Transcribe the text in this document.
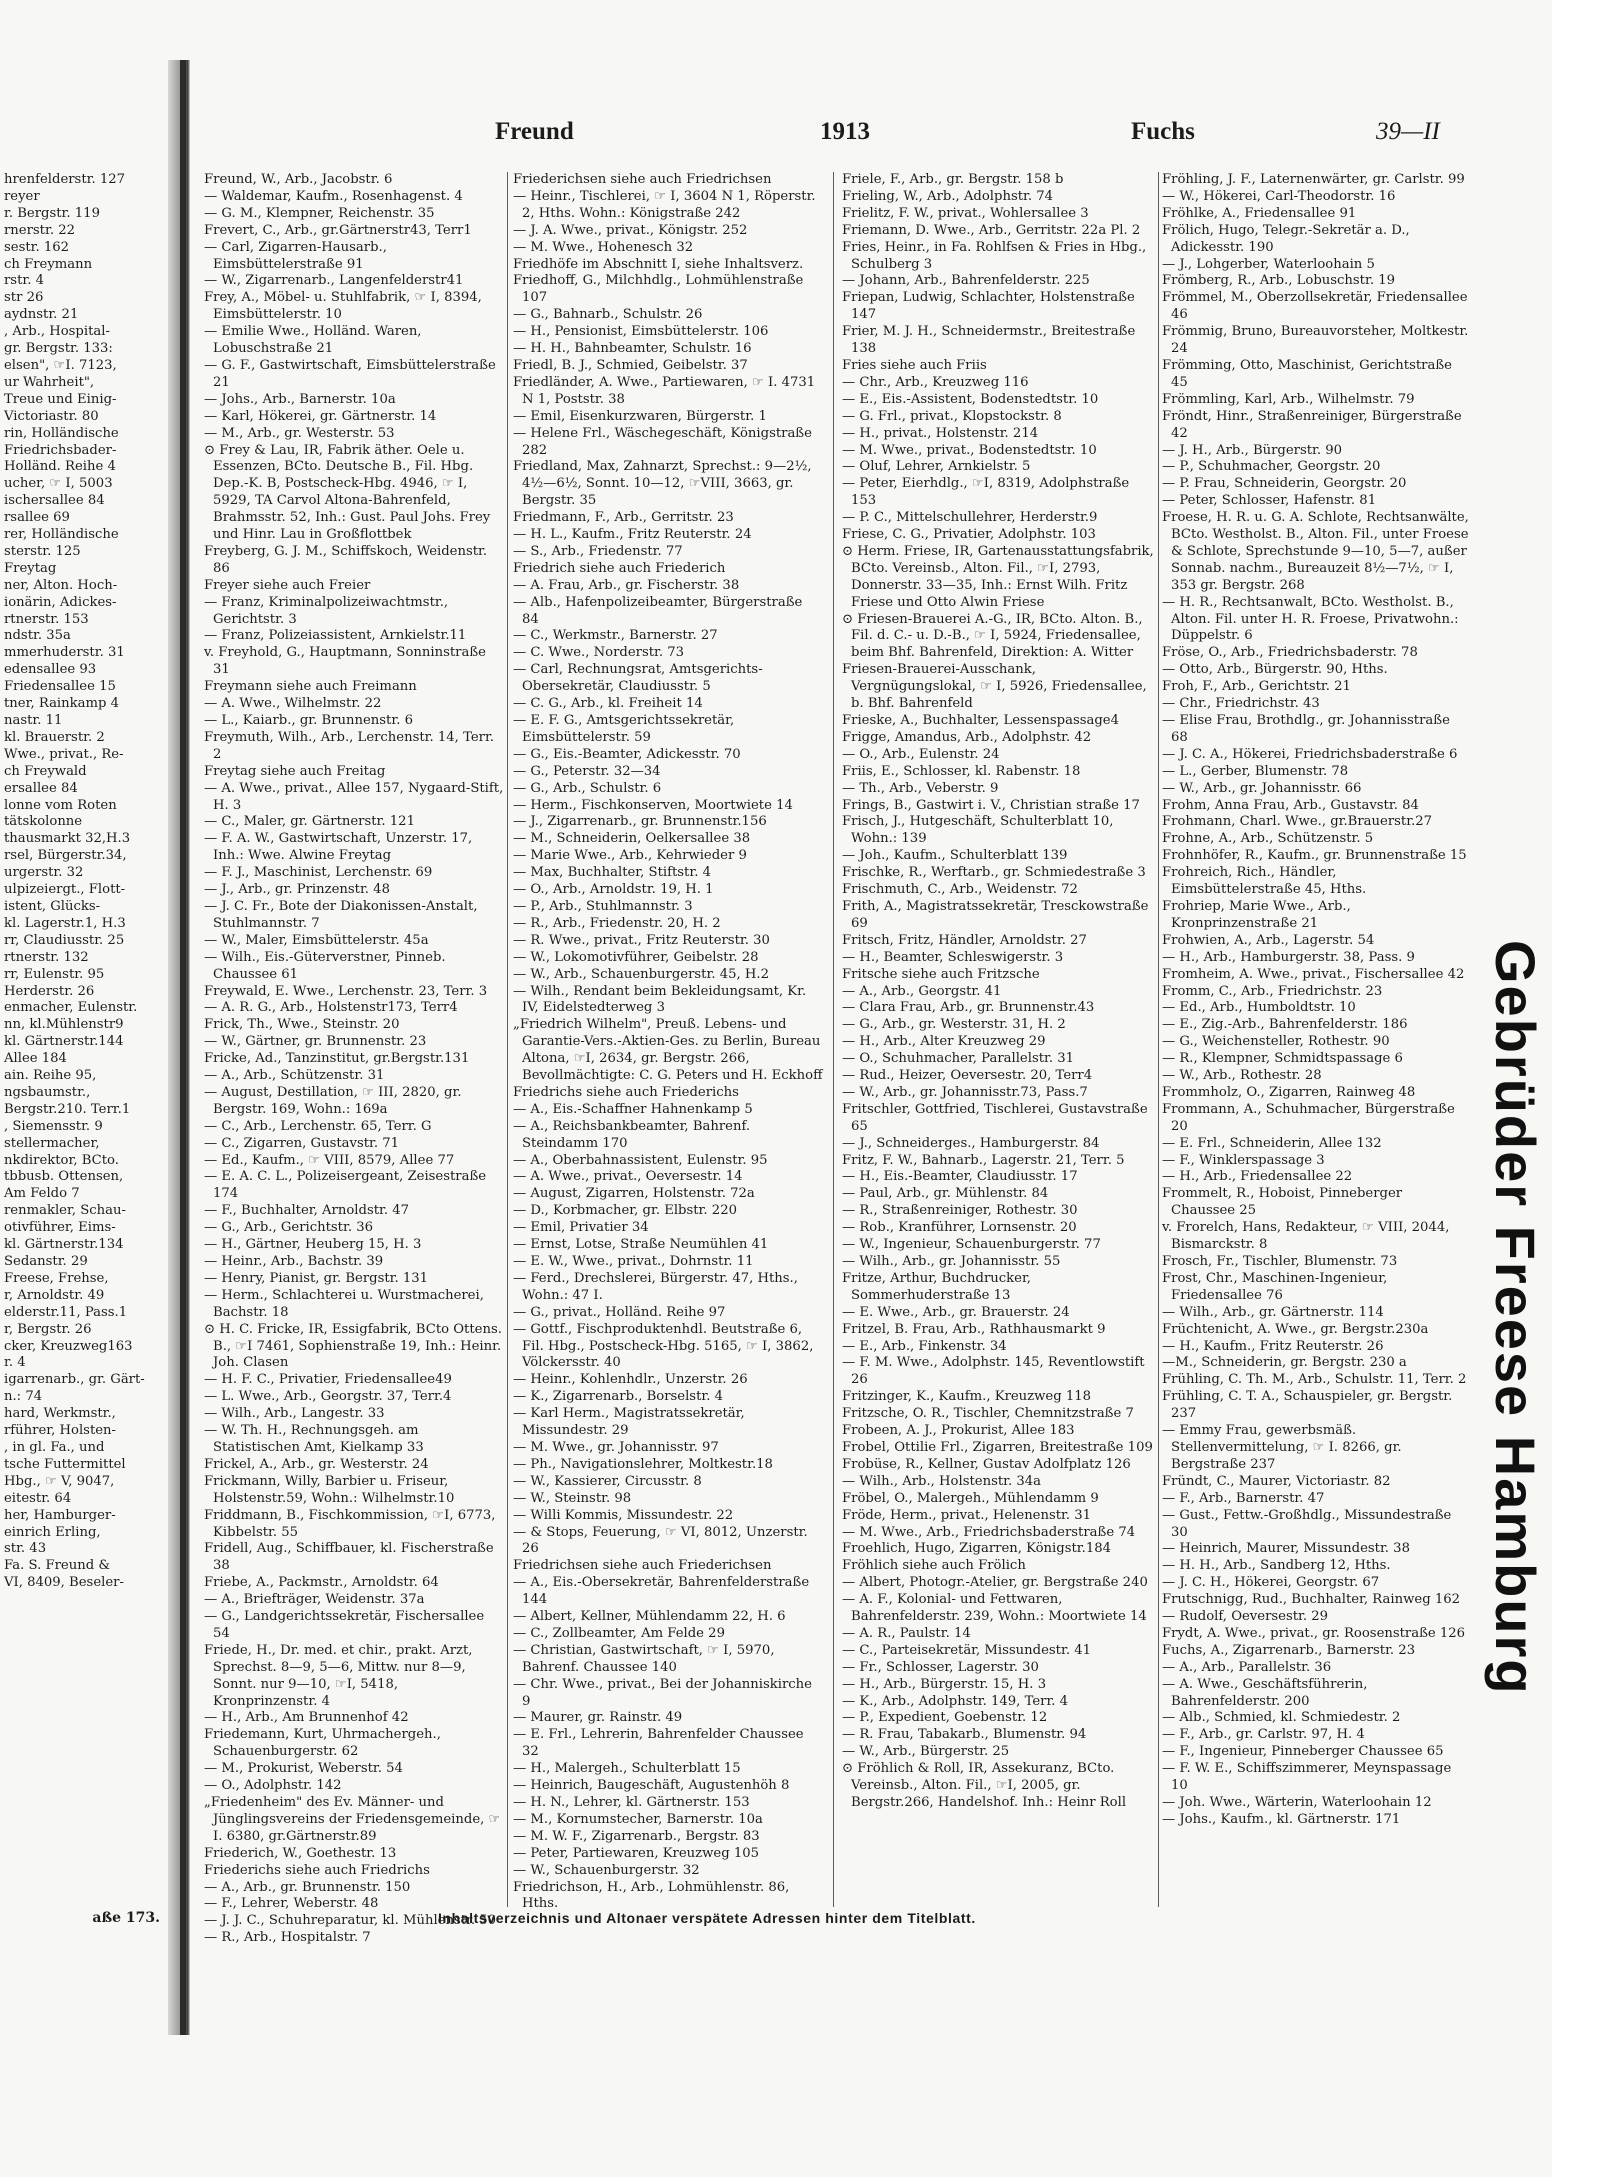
Freund	1913	Fuchs	39—II

hrenfelderstr. 127

reyer

r. Bergstr. 119

rnerstr. 22

sestr. 162

ch Freymann

rstr. 4

str 26

aydnstr. 21

, Arb., Hospital-

gr. Bergstr. 133:

elsen", ☞I. 7123,

ur Wahrheit",

Treue und Einig-

Victoriastr. 80

rin, Holländische

Friedrichsbader-

Holländ. Reihe 4

ucher, ☞ I, 5003

ischersallee 84

rsallee 69

rer, Holländische

sterstr. 125

Freytag

ner, Alton. Hoch-

ionärin, Adickes-

rtnerstr. 153

ndstr. 35a

mmerhuderstr. 31

edensallee 93

Friedensallee 15

tner, Rainkamp 4

nastr. 11

kl. Brauerstr. 2

Wwe., privat., Re-

ch Freywald

ersallee 84

lonne vom Roten

tätskolonne

thausmarkt 32,H.3

rsel, Bürgerstr.34,

urgerstr. 32

ulpizeiergt., Flott-

istent, Glücks-

kl. Lagerstr.1, H.3

rr, Claudiusstr. 25

rtnerstr. 132

rr, Eulenstr. 95

Herderstr. 26

enmacher, Eulenstr.

nn, kl.Mühlenstr9

kl. Gärtnerstr.144

Allee 184

ain. Reihe 95,

ngsbaumstr.,

Bergstr.210. Terr.1

, Siemensstr. 9

stellermacher,

nkdirektor, BCto.

tbbusb. Ottensen,

Am Feldo 7

renmakler, Schau-

otivführer, Eims-

kl. Gärtnerstr.134

Sedanstr. 29

Freese, Frehse,

r, Arnoldstr. 49

elderstr.11, Pass.1

r, Bergstr. 26

cker, Kreuzweg163

r. 4

igarrenarb., gr. Gärt-

n.: 74

hard, Werkmstr.,

rführer, Holsten-

, in gl. Fa., und

tsche Futtermittel

Hbg., ☞ V, 9047,

eitestr. 64

her, Hamburger-

einrich Erling,

str. 43

Fa. S. Freund &

VI, 8409, Beseler-

Freund, W., Arb., Jacobstr. 6

— Waldemar, Kaufm., Rosenhagenst. 4

— G. M., Klempner, Reichenstr. 35

Frevert, C., Arb., gr.Gärtnerstr43, Terr1

— Carl, Zigarren-Hausarb., Eimsbüttelerstraße 91

— W., Zigarrenarb., Langenfelderstr41

Frey, A., Möbel- u. Stuhlfabrik, ☞ I, 8394, Eimsbüttelerstr. 10

— Emilie Wwe., Holländ. Waren, Lobuschstraße 21

— G. F., Gastwirtschaft, Eimsbüttelerstraße 21

— Johs., Arb., Barnerstr. 10a

— Karl, Hökerei, gr. Gärtnerstr. 14

— M., Arb., gr. Westerstr. 53

⊙ Frey & Lau, IR, Fabrik äther. Oele u. Essenzen, BCto. Deutsche B., Fil. Hbg. Dep.-K. B, Postscheck-Hbg. 4946, ☞ I, 5929, TA Carvol Altona-Bahrenfeld, Brahmsstr. 52, Inh.: Gust. Paul Johs. Frey und Hinr. Lau in Großflottbek

Freyberg, G. J. M., Schiffskoch, Weidenstr. 86

Freyer siehe auch Freier

— Franz, Kriminalpolizeiwachtmstr., Gerichtstr. 3

— Franz, Polizeiassistent, Arnkielstr.11

v. Freyhold, G., Hauptmann, Sonninstraße 31

Freymann siehe auch Freimann

— A. Wwe., Wilhelmstr. 22

— L., Kaiarb., gr. Brunnenstr. 6

Freymuth, Wilh., Arb., Lerchenstr. 14, Terr. 2

Freytag siehe auch Freitag

— A. Wwe., privat., Allee 157, Nygaard-Stift, H. 3

— C., Maler, gr. Gärtnerstr. 121

— F. A. W., Gastwirtschaft, Unzerstr. 17, Inh.: Wwe. Alwine Freytag

— F. J., Maschinist, Lerchenstr. 69

— J., Arb., gr. Prinzenstr. 48

— J. C. Fr., Bote der Diakonissen-Anstalt, Stuhlmannstr. 7

— W., Maler, Eimsbüttelerstr. 45a

— Wilh., Eis.-Güterverstner, Pinneb. Chaussee 61

Freywald, E. Wwe., Lerchenstr. 23, Terr. 3

— A. R. G., Arb., Holstenstr173, Terr4

Frick, Th., Wwe., Steinstr. 20

— W., Gärtner, gr. Brunnenstr. 23

Fricke, Ad., Tanzinstitut, gr.Bergstr.131

— A., Arb., Schützenstr. 31

— August, Destillation, ☞ III, 2820, gr. Bergstr. 169, Wohn.: 169a

— C., Arb., Lerchenstr. 65, Terr. G

— C., Zigarren, Gustavstr. 71

— Ed., Kaufm., ☞ VIII, 8579, Allee 77

— E. A. C. L., Polizeisergeant, Zeisestraße 174

— F., Buchhalter, Arnoldstr. 47

— G., Arb., Gerichtstr. 36

— H., Gärtner, Heuberg 15, H. 3

— Heinr., Arb., Bachstr. 39

— Henry, Pianist, gr. Bergstr. 131

— Herm., Schlachterei u. Wurstmacherei, Bachstr. 18

⊙ H. C. Fricke, IR, Essigfabrik, BCto Ottens. B., ☞I 7461, Sophienstraße 19, Inh.: Heinr. Joh. Clasen

— H. F. C., Privatier, Friedensallee49

— L. Wwe., Arb., Georgstr. 37, Terr.4

— Wilh., Arb., Langestr. 33

— W. Th. H., Rechnungsgeh. am Statistischen Amt, Kielkamp 33

Frickel, A., Arb., gr. Westerstr. 24

Frickmann, Willy, Barbier u. Friseur, Holstenstr.59, Wohn.: Wilhelmstr.10

Friddmann, B., Fischkommission, ☞I, 6773, Kibbelstr. 55

Fridell, Aug., Schiffbauer, kl. Fischerstraße 38

Friebe, A., Packmstr., Arnoldstr. 64

— A., Briefträger, Weidenstr. 37a

— G., Landgerichtssekretär, Fischersallee 54

Friede, H., Dr. med. et chir., prakt. Arzt, Sprechst. 8—9, 5—6, Mittw. nur 8—9, Sonnt. nur 9—10, ☞I, 5418, Kronprinzenstr. 4

— H., Arb., Am Brunnenhof 42

Friedemann, Kurt, Uhrmachergeh., Schauenburgerstr. 62

— M., Prokurist, Weberstr. 54

— O., Adolphstr. 142

„Friedenheim" des Ev. Männer- und Jünglingsvereins der Friedensgemeinde, ☞ I. 6380, gr.Gärtnerstr.89

Friederich, W., Goethestr. 13

Friederichs siehe auch Friedrichs

— A., Arb., gr. Brunnenstr. 150

— F., Lehrer, Weberstr. 48

— J. J. C., Schuhreparatur, kl. Mühlenstr. 50

— R., Arb., Hospitalstr. 7

Friederichsen siehe auch Friedrichsen

— Heinr., Tischlerei, ☞ I, 3604 N 1, Röperstr. 2, Hths. Wohn.: Königstraße 242

— J. A. Wwe., privat., Königstr. 252

— M. Wwe., Hohenesch 32

Friedhöfe im Abschnitt I, siehe Inhaltsverz.

Friedhoff, G., Milchhdlg., Lohmühlenstraße 107

— G., Bahnarb., Schulstr. 26

— H., Pensionist, Eimsbüttelerstr. 106

— H. H., Bahnbeamter, Schulstr. 16

Friedl, B. J., Schmied, Geibelstr. 37

Friedländer, A. Wwe., Partiewaren, ☞ I. 4731 N 1, Poststr. 38

— Emil, Eisenkurzwaren, Bürgerstr. 1

— Helene Frl., Wäschegeschäft, Königstraße 282

Friedland, Max, Zahnarzt, Sprechst.: 9—2½, 4½—6½, Sonnt. 10—12, ☞VIII, 3663, gr. Bergstr. 35

Friedmann, F., Arb., Gerritstr. 23

— H. L., Kaufm., Fritz Reuterstr. 24

— S., Arb., Friedenstr. 77

Friedrich siehe auch Friederich

— A. Frau, Arb., gr. Fischerstr. 38

— Alb., Hafenpolizeibeamter, Bürgerstraße 84

— C., Werkmstr., Barnerstr. 27

— C. Wwe., Norderstr. 73

— Carl, Rechnungsrat, Amtsgerichts-Obersekretär, Claudiusstr. 5

— C. G., Arb., kl. Freiheit 14

— E. F. G., Amtsgerichtssekretär, Eimsbüttelerstr. 59

— G., Eis.-Beamter, Adickesstr. 70

— G., Peterstr. 32—34

— G., Arb., Schulstr. 6

— Herm., Fischkonserven, Moortwiete 14

— J., Zigarrenarb., gr. Brunnenstr.156

— M., Schneiderin, Oelkersallee 38

— Marie Wwe., Arb., Kehrwieder 9

— Max, Buchhalter, Stiftstr. 4

— O., Arb., Arnoldstr. 19, H. 1

— P., Arb., Stuhlmannstr. 3

— R., Arb., Friedenstr. 20, H. 2

— R. Wwe., privat., Fritz Reuterstr. 30

— W., Lokomotivführer, Geibelstr. 28

— W., Arb., Schauenburgerstr. 45, H.2

— Wilh., Rendant beim Bekleidungsamt, Kr. IV, Eidelstedterweg 3

„Friedrich Wilhelm", Preuß. Lebens- und Garantie-Vers.-Aktien-Ges. zu Berlin, Bureau Altona, ☞I, 2634, gr. Bergstr. 266, Bevollmächtigte: C. G. Peters und H. Eckhoff

Friedrichs siehe auch Friederichs

— A., Eis.-Schaffner Hahnenkamp 5

— A., Reichsbankbeamter, Bahrenf. Steindamm 170

— A., Oberbahnassistent, Eulenstr. 95

— A. Wwe., privat., Oeversestr. 14

— August, Zigarren, Holstenstr. 72a

— D., Korbmacher, gr. Elbstr. 220

— Emil, Privatier 34

— Ernst, Lotse, Straße Neumühlen 41

— E. W., Wwe., privat., Dohrnstr. 11

— Ferd., Drechslerei, Bürgerstr. 47, Hths., Wohn.: 47 I.

— G., privat., Holländ. Reihe 97

— Gottf., Fischproduktenhdl. Beutstraße 6, Fil. Hbg., Postscheck-Hbg. 5165, ☞ I, 3862, Völckersstr. 40

— Heinr., Kohlenhdlr., Unzerstr. 26

— K., Zigarrenarb., Borselstr. 4

— Karl Herm., Magistratssekretär, Missundestr. 29

— M. Wwe., gr. Johannisstr. 97

— Ph., Navigationslehrer, Moltkestr.18

— W., Kassierer, Circusstr. 8

— W., Steinstr. 98

— Willi Kommis, Missundestr. 22

— & Stops, Feuerung, ☞ VI, 8012, Unzerstr. 26

Friedrichsen siehe auch Friederichsen

— A., Eis.-Obersekretär, Bahrenfelderstraße 144

— Albert, Kellner, Mühlendamm 22, H. 6

— C., Zollbeamter, Am Felde 29

— Christian, Gastwirtschaft, ☞ I, 5970, Bahrenf. Chaussee 140

— Chr. Wwe., privat., Bei der Johanniskirche 9

— Maurer, gr. Rainstr. 49

— E. Frl., Lehrerin, Bahrenfelder Chaussee 32

— H., Malergeh., Schulterblatt 15

— Heinrich, Baugeschäft, Augustenhöh 8

— H. N., Lehrer, kl. Gärtnerstr. 153

— M., Kornumstecher, Barnerstr. 10a

— M. W. F., Zigarrenarb., Bergstr. 83

— Peter, Partiewaren, Kreuzweg 105

— W., Schauenburgerstr. 32

Friedrichson, H., Arb., Lohmühlenstr. 86, Hths.

Friele, F., Arb., gr. Bergstr. 158 b

Frieling, W., Arb., Adolphstr. 74

Frielitz, F. W., privat., Wohlersallee 3

Friemann, D. Wwe., Arb., Gerritstr. 22a Pl. 2

Fries, Heinr., in Fa. Rohlfsen & Fries in Hbg., Schulberg 3

— Johann, Arb., Bahrenfelderstr. 225

Friepan, Ludwig, Schlachter, Holstenstraße 147

Frier, M. J. H., Schneidermstr., Breitestraße 138

Fries siehe auch Friis

— Chr., Arb., Kreuzweg 116

— E., Eis.-Assistent, Bodenstedtstr. 10

— G. Frl., privat., Klopstockstr. 8

— H., privat., Holstenstr. 214

— M. Wwe., privat., Bodenstedtstr. 10

— Oluf, Lehrer, Arnkielstr. 5

— Peter, Eierhdlg., ☞I, 8319, Adolphstraße 153

— P. C., Mittelschullehrer, Herderstr.9

Friese, C. G., Privatier, Adolphstr. 103

⊙ Herm. Friese, IR, Gartenausstattungsfabrik, BCto. Vereinsb., Alton. Fil., ☞I, 2793, Donnerstr. 33—35, Inh.: Ernst Wilh. Fritz Friese und Otto Alwin Friese

⊙ Friesen-Brauerei A.-G., IR, BCto. Alton. B., Fil. d. C.- u. D.-B., ☞ I, 5924, Friedensallee, beim Bhf. Bahrenfeld, Direktion: A. Witter

Friesen-Brauerei-Ausschank, Vergnügungslokal, ☞ I, 5926, Friedensallee, b. Bhf. Bahrenfeld

Frieske, A., Buchhalter, Lessenspassage4

Frigge, Amandus, Arb., Adolphstr. 42

— O., Arb., Eulenstr. 24

Friis, E., Schlosser, kl. Rabenstr. 18

— Th., Arb., Veberstr. 9

Frings, B., Gastwirt i. V., Christian straße 17

Frisch, J., Hutgeschäft, Schulterblatt 10, Wohn.: 139

— Joh., Kaufm., Schulterblatt 139

Frischke, R., Werftarb., gr. Schmiedestraße 3

Frischmuth, C., Arb., Weidenstr. 72

Frith, A., Magistratssekretär, Tresckowstraße 69

Fritsch, Fritz, Händler, Arnoldstr. 27

— H., Beamter, Schleswigerstr. 3

Fritsche siehe auch Fritzsche

— A., Arb., Georgstr. 41

— Clara Frau, Arb., gr. Brunnenstr.43

— G., Arb., gr. Westerstr. 31, H. 2

— H., Arb., Alter Kreuzweg 29

— O., Schuhmacher, Parallelstr. 31

— Rud., Heizer, Oeversestr. 20, Terr4

— W., Arb., gr. Johannisstr.73, Pass.7

Fritschler, Gottfried, Tischlerei, Gustavstraße 65

— J., Schneiderges., Hamburgerstr. 84

Fritz, F. W., Bahnarb., Lagerstr. 21, Terr. 5

— H., Eis.-Beamter, Claudiusstr. 17

— Paul, Arb., gr. Mühlenstr. 84

— R., Straßenreiniger, Rothestr. 30

— Rob., Kranführer, Lornsenstr. 20

— W., Ingenieur, Schauenburgerstr. 77

— Wilh., Arb., gr. Johannisstr. 55

Fritze, Arthur, Buchdrucker, Sommerhuderstraße 13

— E. Wwe., Arb., gr. Brauerstr. 24

Fritzel, B. Frau, Arb., Rathhausmarkt 9

— E., Arb., Finkenstr. 34

— F. M. Wwe., Adolphstr. 145, Reventlowstift 26

Fritzinger, K., Kaufm., Kreuzweg 118

Fritzsche, O. R., Tischler, Chemnitzstraße 7

Frobeen, A. J., Prokurist, Allee 183

Frobel, Ottilie Frl., Zigarren, Breitestraße 109

Frobüse, R., Kellner, Gustav Adolfplatz 126

— Wilh., Arb., Holstenstr. 34a

Fröbel, O., Malergeh., Mühlendamm 9

Fröde, Herm., privat., Helenenstr. 31

— M. Wwe., Arb., Friedrichsbaderstraße 74

Froehlich, Hugo, Zigarren, Königstr.184

Fröhlich siehe auch Frölich

— Albert, Photogr.-Atelier, gr. Bergstraße 240

— A. F., Kolonial- und Fettwaren, Bahrenfelderstr. 239, Wohn.: Moortwiete 14

— A. R., Paulstr. 14

— C., Parteisekretär, Missundestr. 41

— Fr., Schlosser, Lagerstr. 30

— H., Arb., Bürgerstr. 15, H. 3

— K., Arb., Adolphstr. 149, Terr. 4

— P., Expedient, Goebenstr. 12

— R. Frau, Tabakarb., Blumenstr. 94

— W., Arb., Bürgerstr. 25

⊙ Fröhlich & Roll, IR, Assekuranz, BCto. Vereinsb., Alton. Fil., ☞I, 2005, gr. Bergstr.266, Handelshof. Inh.: Heinr Roll

Fröhling, J. F., Laternenwärter, gr. Carlstr. 99

— W., Hökerei, Carl-Theodorstr. 16

Fröhlke, A., Friedensallee 91

Frölich, Hugo, Telegr.-Sekretär a. D., Adickesstr. 190

— J., Lohgerber, Waterloohain 5

Frömberg, R., Arb., Lobuschstr. 19

Frömmel, M., Oberzollsekretär, Friedensallee 46

Frömmig, Bruno, Bureauvorsteher, Moltkestr. 24

Frömming, Otto, Maschinist, Gerichtstraße 45

Frömmling, Karl, Arb., Wilhelmstr. 79

Fröndt, Hinr., Straßenreiniger, Bürgerstraße 42

— J. H., Arb., Bürgerstr. 90

— P., Schuhmacher, Georgstr. 20

— P. Frau, Schneiderin, Georgstr. 20

— Peter, Schlosser, Hafenstr. 81

Froese, H. R. u. G. A. Schlote, Rechtsanwälte, BCto. Westholst. B., Alton. Fil., unter Froese & Schlote, Sprechstunde 9—10, 5—7, außer Sonnab. nachm., Bureauzeit 8½—7½, ☞ I, 353 gr. Bergstr. 268

— H. R., Rechtsanwalt, BCto. Westholst. B., Alton. Fil. unter H. R. Froese, Privatwohn.: Düppelstr. 6

Fröse, O., Arb., Friedrichsbaderstr. 78

— Otto, Arb., Bürgerstr. 90, Hths.

Froh, F., Arb., Gerichtstr. 21

— Chr., Friedrichstr. 43

— Elise Frau, Brothdlg., gr. Johannisstraße 68

— J. C. A., Hökerei, Friedrichsbaderstraße 6

— L., Gerber, Blumenstr. 78

— W., Arb., gr. Johannisstr. 66

Frohm, Anna Frau, Arb., Gustavstr. 84

Frohmann, Charl. Wwe., gr.Brauerstr.27

Frohne, A., Arb., Schützenstr. 5

Frohnhöfer, R., Kaufm., gr. Brunnenstraße 15

Frohreich, Rich., Händler, Eimsbüttelerstraße 45, Hths.

Frohriep, Marie Wwe., Arb., Kronprinzenstraße 21

Frohwien, A., Arb., Lagerstr. 54

— H., Arb., Hamburgerstr. 38, Pass. 9

Fromheim, A. Wwe., privat., Fischersallee 42

Fromm, C., Arb., Friedrichstr. 23

— Ed., Arb., Humboldtstr. 10

— E., Zig.-Arb., Bahrenfelderstr. 186

— G., Weichensteller, Rothestr. 90

— R., Klempner, Schmidtspassage 6

— W., Arb., Rothestr. 28

Frommholz, O., Zigarren, Rainweg 48

Frommann, A., Schuhmacher, Bürgerstraße 20

— E. Frl., Schneiderin, Allee 132

— F., Winklerspassage 3

— H., Arb., Friedensallee 22

Frommelt, R., Hoboist, Pinneberger Chaussee 25

v. Frorelch, Hans, Redakteur, ☞ VIII, 2044, Bismarckstr. 8

Frosch, Fr., Tischler, Blumenstr. 73

Frost, Chr., Maschinen-Ingenieur, Friedensallee 76

— Wilh., Arb., gr. Gärtnerstr. 114

Früchtenicht, A. Wwe., gr. Bergstr.230a

— H., Kaufm., Fritz Reuterstr. 26

—M., Schneiderin, gr. Bergstr. 230 a

Frühling, C. Th. M., Arb., Schulstr. 11, Terr. 2

Frühling, C. T. A., Schauspieler, gr. Bergstr. 237

— Emmy Frau, gewerbsmäß. Stellenvermittelung, ☞ I. 8266, gr. Bergstraße 237

Fründt, C., Maurer, Victoriastr. 82

— F., Arb., Barnerstr. 47

— Gust., Fettw.-Großhdlg., Missundestraße 30

— Heinrich, Maurer, Missundestr. 38

— H. H., Arb., Sandberg 12, Hths.

— J. C. H., Hökerei, Georgstr. 67

Frutschnigg, Rud., Buchhalter, Rainweg 162

— Rudolf, Oeversestr. 29

Frydt, A. Wwe., privat., gr. Roosenstraße 126

Fuchs, A., Zigarrenarb., Barnerstr. 23

— A., Arb., Parallelstr. 36

— A. Wwe., Geschäftsführerin, Bahrenfelderstr. 200

— Alb., Schmied, kl. Schmiedestr. 2

— F., Arb., gr. Carlstr. 97, H. 4

— F., Ingenieur, Pinneberger Chaussee 65

— F. W. E., Schiffszimmerer, Meynspassage 10

— Joh. Wwe., Wärterin, Waterloohain 12

— Johs., Kaufm., kl. Gärtnerstr. 171

Gebrüder Freese Hamburg
aße 173.	Inhaltsverzeichnis und Altonaer verspätete Adressen hinter dem Titelblatt.
